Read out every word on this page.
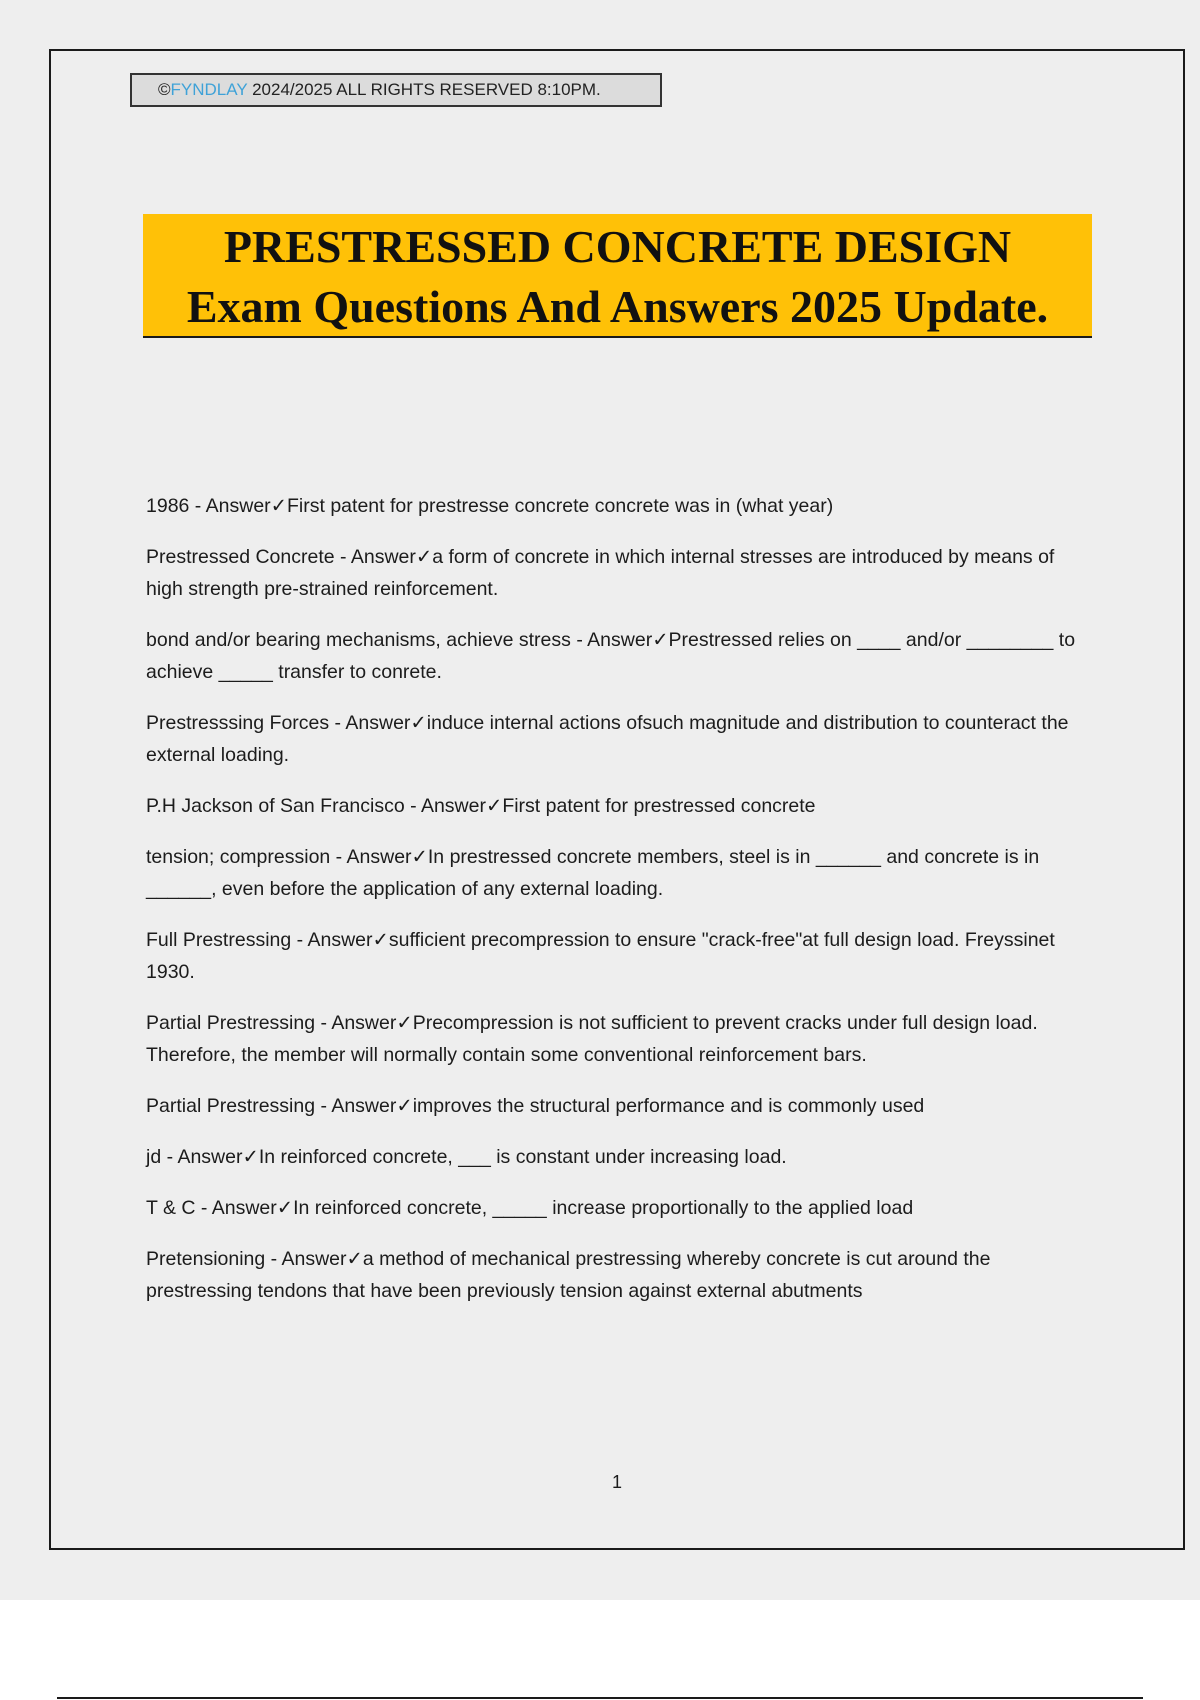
©FYNDLAY 2024/2025 ALL RIGHTS RESERVED 8:10PM.
PRESTRESSED CONCRETE DESIGN
Exam Questions And Answers 2025 Update.
1986 - Answer✓First patent for prestresse concrete concrete was in (what year)
Prestressed Concrete - Answer✓a form of concrete in which internal stresses are introduced by means of high strength pre-strained reinforcement.
bond and/or bearing mechanisms, achieve stress - Answer✓Prestressed relies on ____ and/or ________ to achieve _____ transfer to conrete.
Prestresssing Forces - Answer✓induce internal actions ofsuch magnitude and distribution to counteract the external loading.
P.H Jackson of San Francisco - Answer✓First patent for prestressed concrete
tension; compression - Answer✓In prestressed concrete members, steel is in ______ and concrete is in ______, even before the application of any external loading.
Full Prestressing - Answer✓sufficient precompression to ensure "crack-free"at full design load. Freyssinet 1930.
Partial Prestressing - Answer✓Precompression is not sufficient to prevent cracks under full design load. Therefore, the member will normally contain some conventional reinforcement bars.
Partial Prestressing - Answer✓improves the structural performance and is commonly used
jd - Answer✓In reinforced concrete, ___ is constant under increasing load.
T & C - Answer✓In reinforced concrete, _____ increase proportionally to the applied load
Pretensioning - Answer✓a method of mechanical prestressing whereby concrete is cut around the prestressing tendons that have been previously tension against external abutments
1
